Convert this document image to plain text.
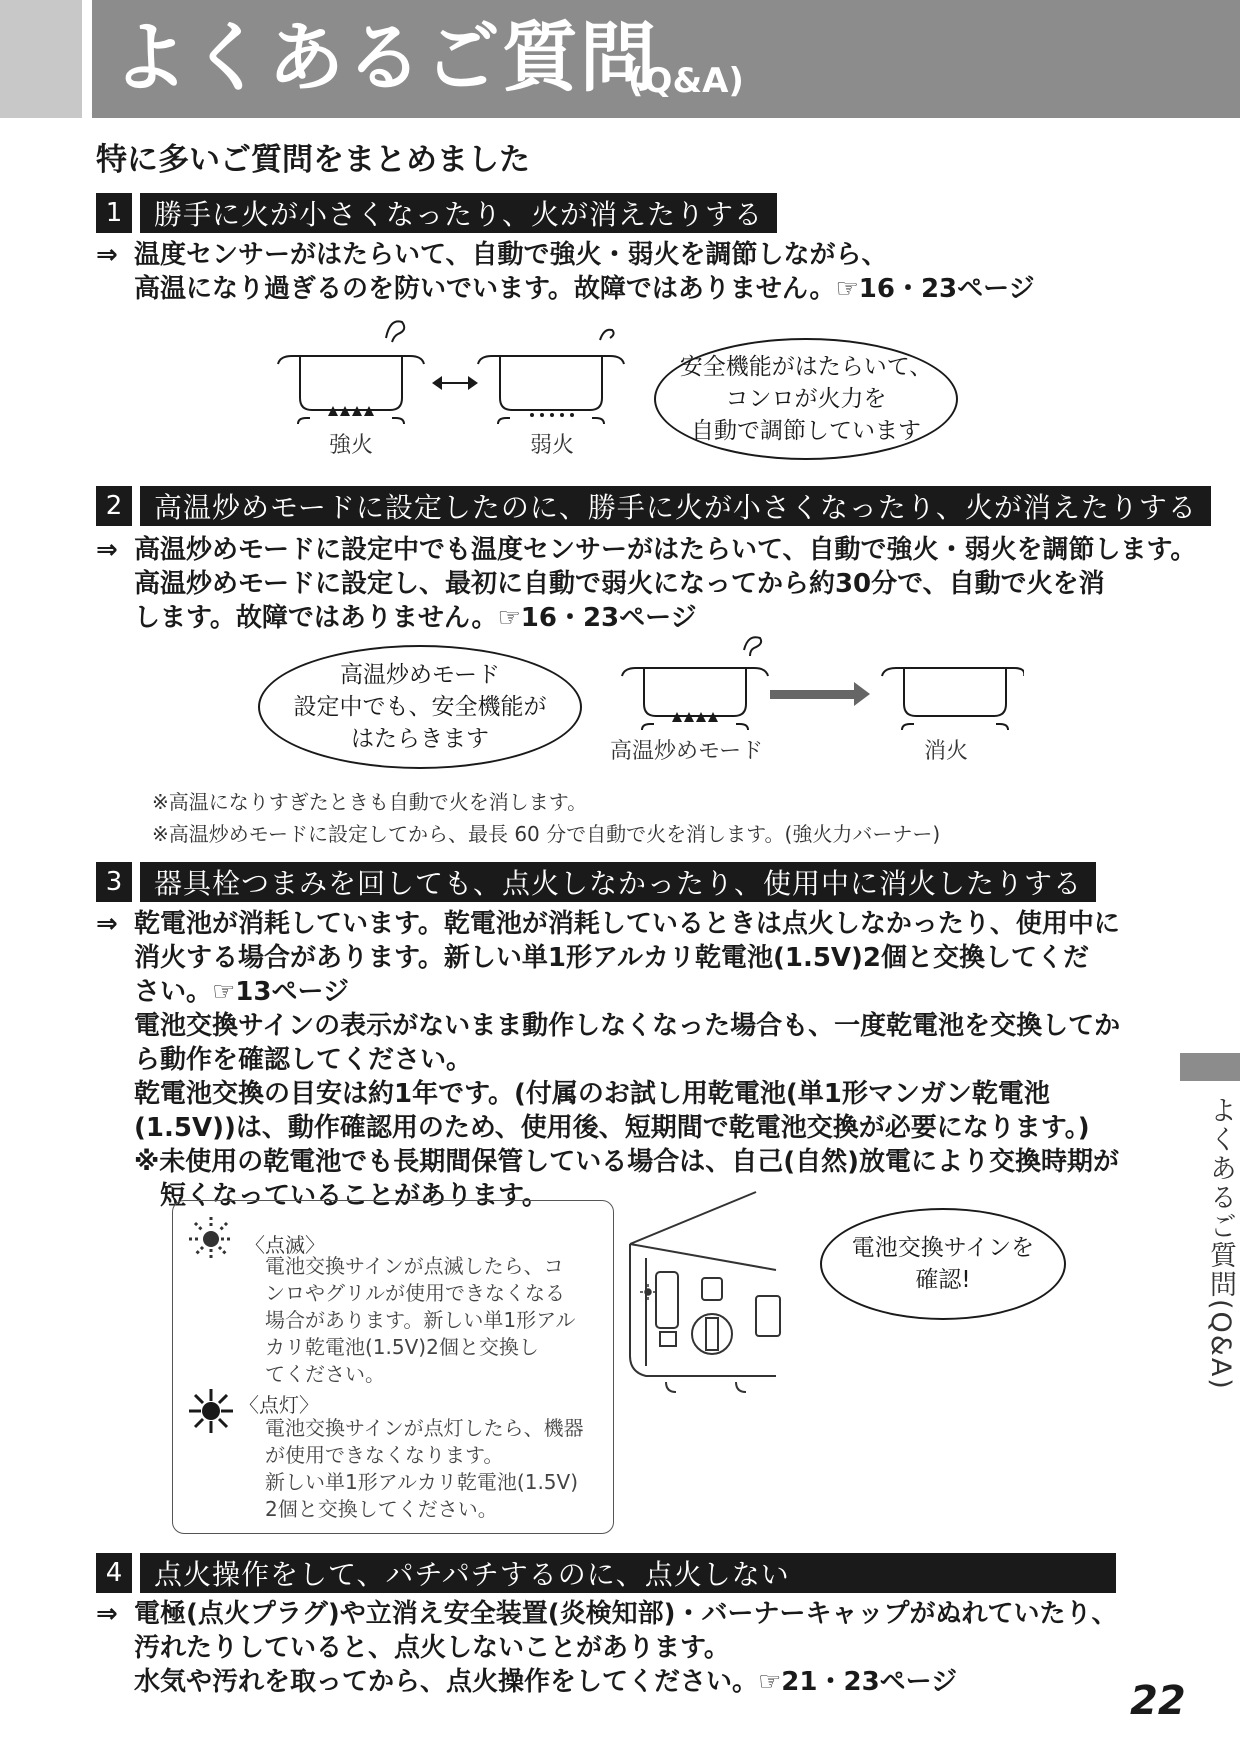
よくあるご質問
(Q&A)
特に多いご質問をまとめました
1	勝手に火が小さくなったり、火が消えたりする
⇒ 温度センサーがはたらいて、自動で強火・弱火を調節しながら、
高温になり過ぎるのを防いでいます。故障ではありません。☞16・23ページ
強火	弱火
安全機能がはたらいて、
コンロが火力を
自動で調節しています
2	高温炒めモードに設定したのに、勝手に火が小さくなったり、火が消えたりする
⇒ 高温炒めモードに設定中でも温度センサーがはたらいて、自動で強火・弱火を調節します。
高温炒めモードに設定し、最初に自動で弱火になってから約30分で、自動で火を消
します。故障ではありません。☞16・23ページ
高温炒めモード
設定中でも、安全機能が
はたらきます	高温炒めモード	消火
※高温になりすぎたときも自動で火を消します。
※高温炒めモードに設定してから、最長 60 分で自動で火を消します。(強火力バーナー)
3	器具栓つまみを回しても、点火しなかったり、使用中に消火したりする
⇒ 乾電池が消耗しています。乾電池が消耗しているときは点火しなかったり、使用中に
消火する場合があります。新しい単1形アルカリ乾電池(1.5V)2個と交換してくだ
さい。☞13ページ
電池交換サインの表示がないまま動作しなくなった場合も、一度乾電池を交換してか
ら動作を確認してください。
乾電池交換の目安は約1年です。(付属のお試し用乾電池(単1形マンガン乾電池
(1.5V))は、動作確認用のため、使用後、短期間で乾電池交換が必要になります。)
※未使用の乾電池でも長期間保管している場合は、自己(自然)放電により交換時期が
短くなっていることがあります。
〈点滅〉
電池交換サインが点滅したら、コ
ンロやグリルが使用できなくなる
場合があります。新しい単1形アル
カリ乾電池(1.5V)2個と交換し
てください。
〈点灯〉
電池交換サインが点灯したら、機器
が使用できなくなります。
新しい単1形アルカリ乾電池(1.5V)
2個と交換してください。
電池交換サインを
確認!
4	点火操作をして、パチパチするのに、点火しない
⇒ 電極(点火プラグ)や立消え安全装置(炎検知部)・バーナーキャップがぬれていたり、
汚れたりしていると、点火しないことがあります。
水気や汚れを取ってから、点火操作をしてください。☞21・23ページ
よくあるご質問(Q&A)
22
